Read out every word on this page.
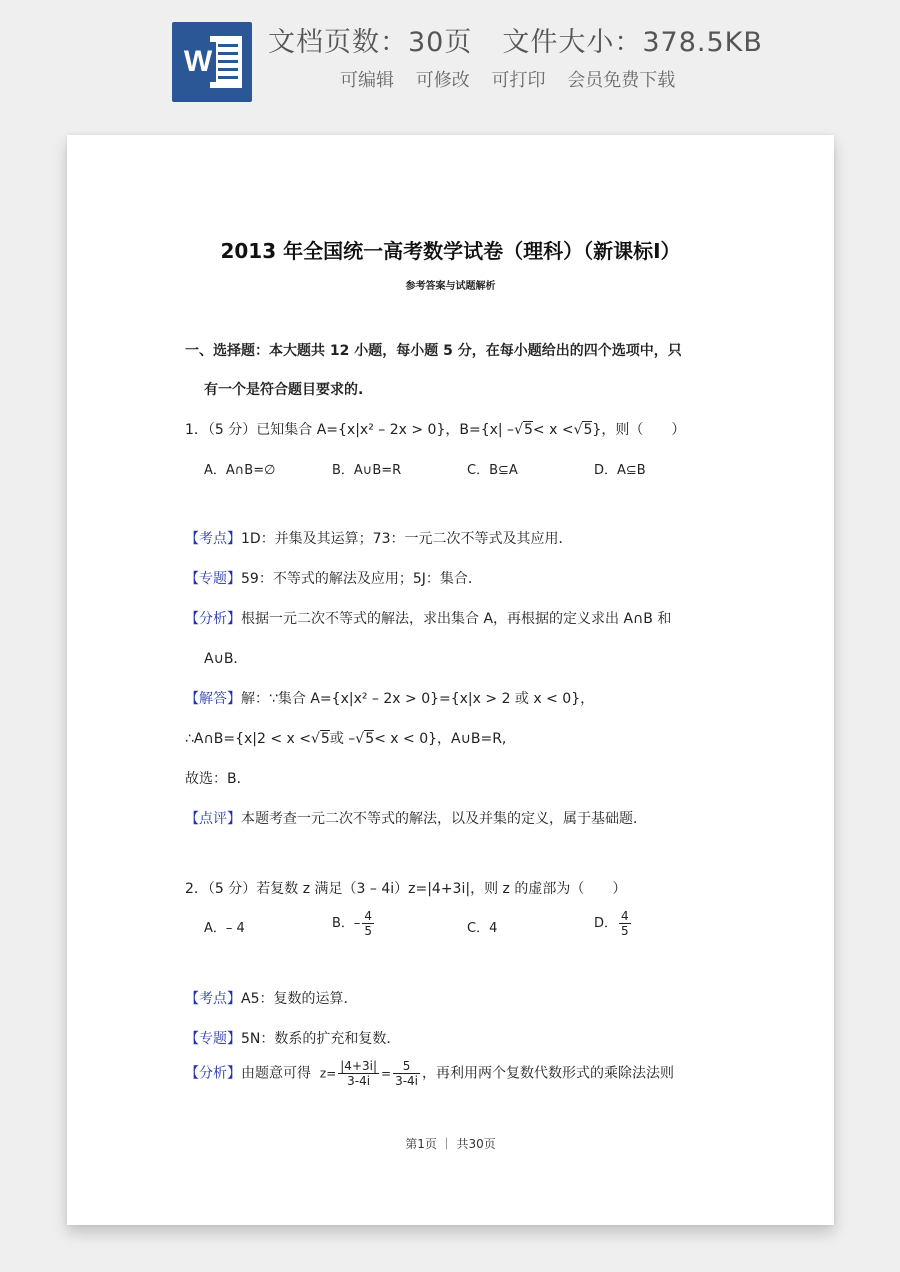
W
文档页数：30页 文件大小：378.5KB
可编辑 可修改 可打印 会员免费下载
2013 年全国统一高考数学试卷（理科）（新课标Ⅰ）
参考答案与试题解析
一、选择题：本大题共 12 小题，每小题 5 分，在每小题给出的四个选项中，只
有一个是符合题目要求的.
1．（5 分）已知集合 A={x|x² – 2x > 0}，B={x| –√5< x <√5}，则（　　）
A．A∩B=∅	B．A∪B=R	C．B⊆A	D．A⊆B
【考点】1D：并集及其运算；73：一元二次不等式及其应用．
【专题】59：不等式的解法及应用；5J：集合．
【分析】根据一元二次不等式的解法，求出集合 A，再根据的定义求出 A∩B 和
A∪B．
【解答】解：∵集合 A={x|x² – 2x > 0}={x|x > 2 或 x < 0}，
∴A∩B={x|2 < x <√5或 –√5< x < 0}，A∪B=R,
故选：B．
【点评】本题考查一元二次不等式的解法，以及并集的定义，属于基础题．
2．（5 分）若复数 z 满足（3 – 4i）z=|4+3i|，则 z 的虚部为（　　）
A．– 4	B．– $\frac{4}{5}$	C．4	D． $\frac{4}{5}$
【考点】A5：复数的运算．
【专题】5N：数系的扩充和复数．
【分析】由题意可得 $z= \frac{|4+3i|}{3-4i} = \frac{5}{3-4i}$ ，再利用两个复数代数形式的乘除法法则
第1页 ｜ 共30页
